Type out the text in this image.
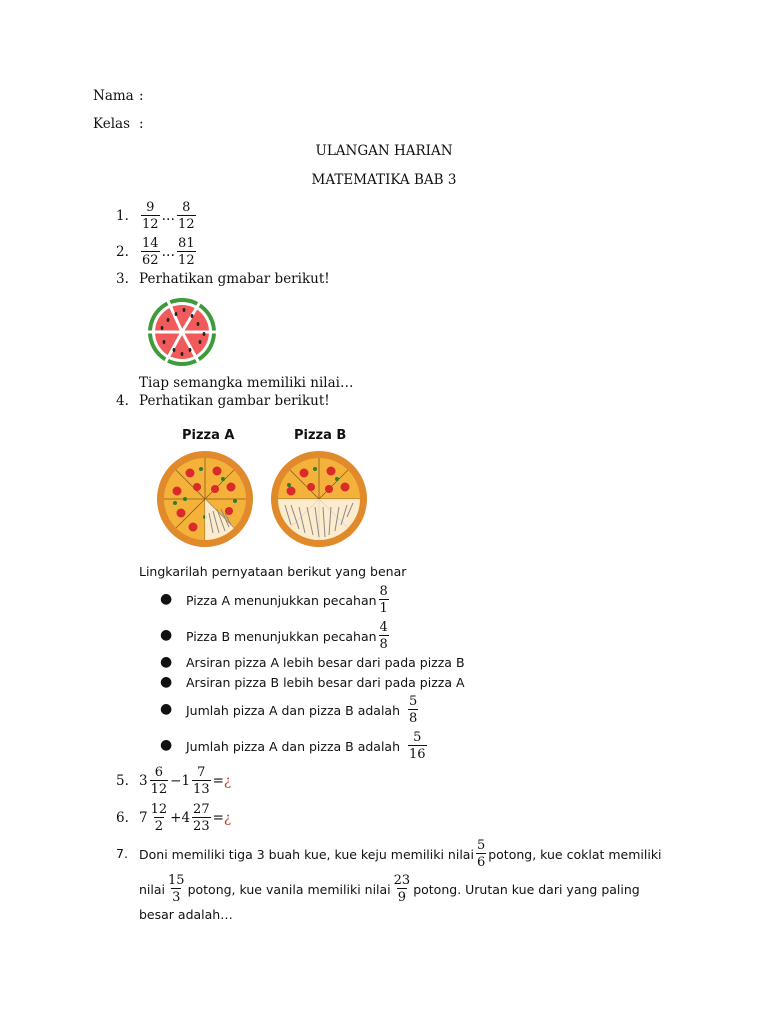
Nama :
Kelas :
ULANGAN HARIAN
MATEMATIKA BAB 3
1. $\frac{9}{12}$ … $\frac{8}{12}$
2. $\frac{14}{62}$ … $\frac{81}{12}$
3. Perhatikan gmabar berikut!
Tiap semangka memiliki nilai…
4. Perhatikan gambar berikut!
Pizza A	Pizza B
Lingkarilah pernyataan berikut yang benar
● Pizza A menunjukkan pecahan $\frac{8}{1}$
● Pizza B menunjukkan pecahan $\frac{4}{8}$
● Arsiran pizza A lebih besar dari pada pizza B
● Arsiran pizza B lebih besar dari pada pizza A
● Jumlah pizza A dan pizza B adalah $\frac{5}{8}$
● Jumlah pizza A dan pizza B adalah $\frac{5}{16}$
5. $3 \frac{6}{12} -1 \frac{7}{13}$ = ¿
6. $7 \frac{12}{2} +4 \frac{27}{23}$ = ¿
7. Doni memiliki tiga 3 buah kue, kue keju memiliki nilai $\frac{5}{6}$ potong, kue coklat memiliki
nilai $\frac{15}{3}$ potong, kue vanila memiliki nilai $\frac{23}{9}$ potong. Urutan kue dari yang paling
besar adalah…
